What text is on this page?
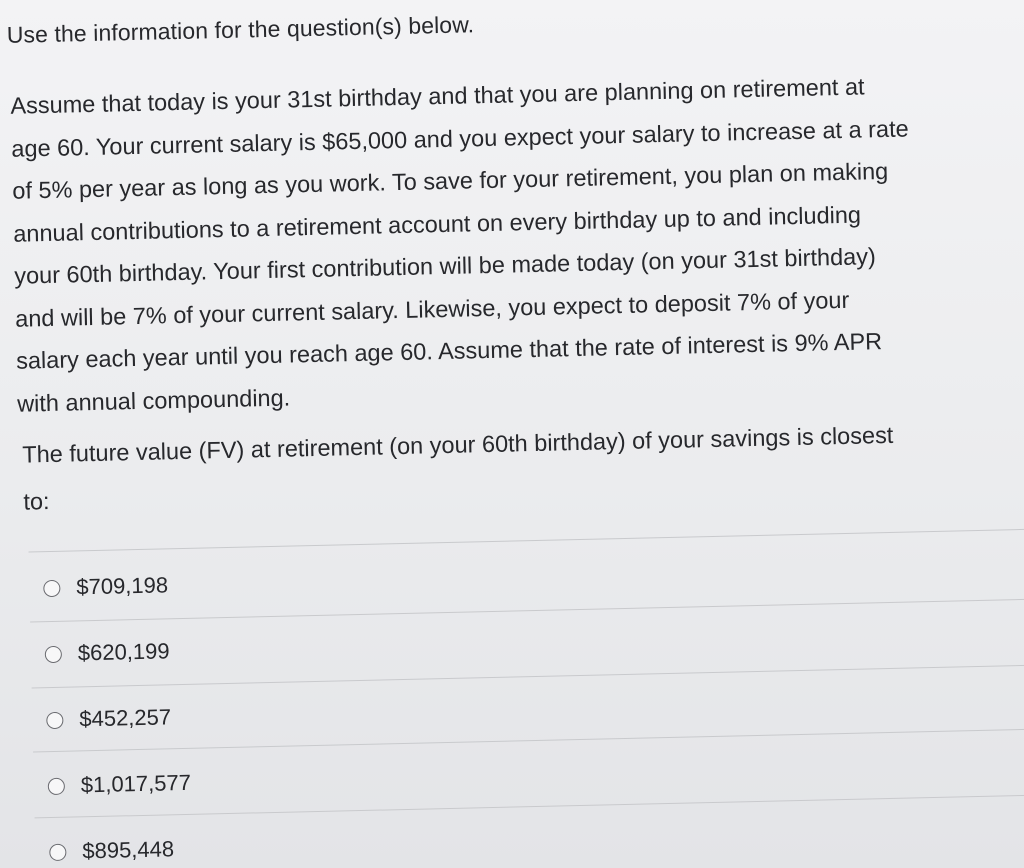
Use the information for the question(s) below.
Assume that today is your 31st birthday and that you are planning on retirement at
age 60. Your current salary is $65,000 and you expect your salary to increase at a rate
of 5% per year as long as you work. To save for your retirement, you plan on making
annual contributions to a retirement account on every birthday up to and including
your 60th birthday. Your first contribution will be made today (on your 31st birthday)
and will be 7% of your current salary. Likewise, you expect to deposit 7% of your
salary each year until you reach age 60. Assume that the rate of interest is 9% APR
with annual compounding.
The future value (FV) at retirement (on your 60th birthday) of your savings is closest
to:
$709,198
$620,199
$452,257
$1,017,577
$895,448
